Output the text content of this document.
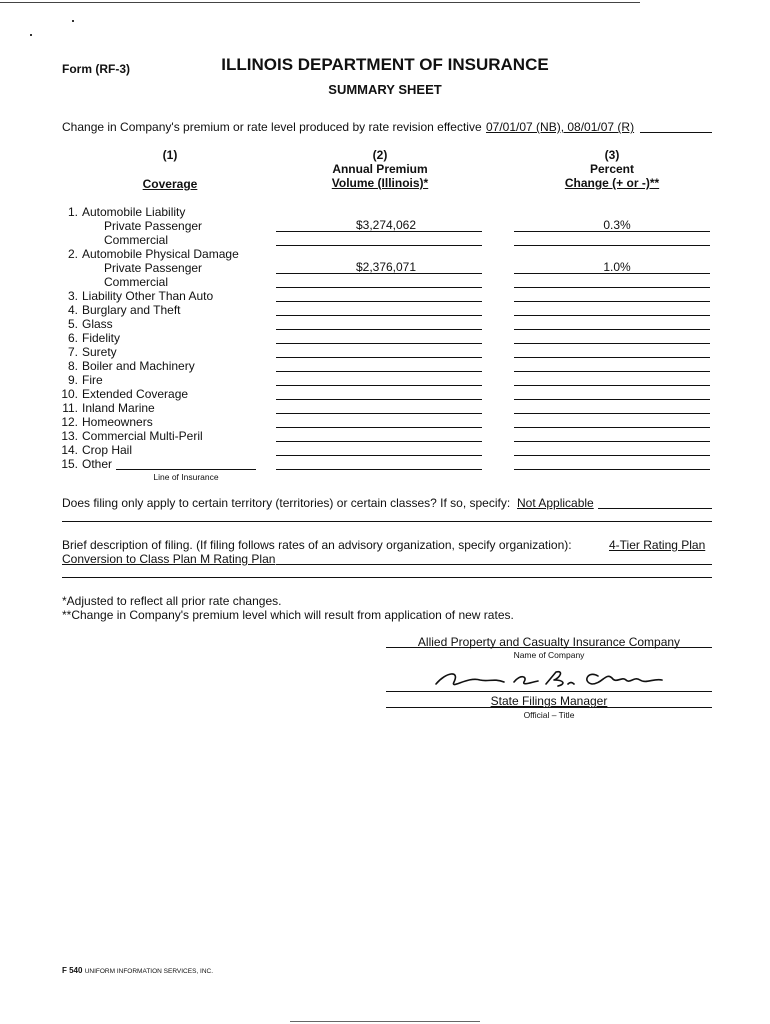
Form (RF-3)	ILLINOIS DEPARTMENT OF INSURANCE
SUMMARY SHEET
Change in Company's premium or rate level produced by rate revision effective 07/01/07 (NB), 08/01/07 (R)
(1)
Coverage
(2)
Annual Premium
Volume (Illinois)*
(3)
Percent
Change (+ or -)**
1. Automobile Liability
Private Passenger	$3,274,062	0.3%
Commercial
2. Automobile Physical Damage
Private Passenger	$2,376,071	1.0%
Commercial
3. Liability Other Than Auto
4. Burglary and Theft
5. Glass
6. Fidelity
7. Surety
8. Boiler and Machinery
9. Fire
10. Extended Coverage
11. Inland Marine
12. Homeowners
13. Commercial Multi-Peril
14. Crop Hail
15. Other
Line of Insurance
Does filing only apply to certain territory (territories) or certain classes? If so, specify: Not Applicable
Brief description of filing. (If filing follows rates of an advisory organization, specify organization):	4-Tier Rating Plan
Conversion to Class Plan M Rating Plan
*Adjusted to reflect all prior rate changes.
**Change in Company's premium level which will result from application of new rates.
Allied Property and Casualty Insurance Company
Name of Company
State Filings Manager
Official – Title
F 540 UNIFORM INFORMATION SERVICES, INC.
